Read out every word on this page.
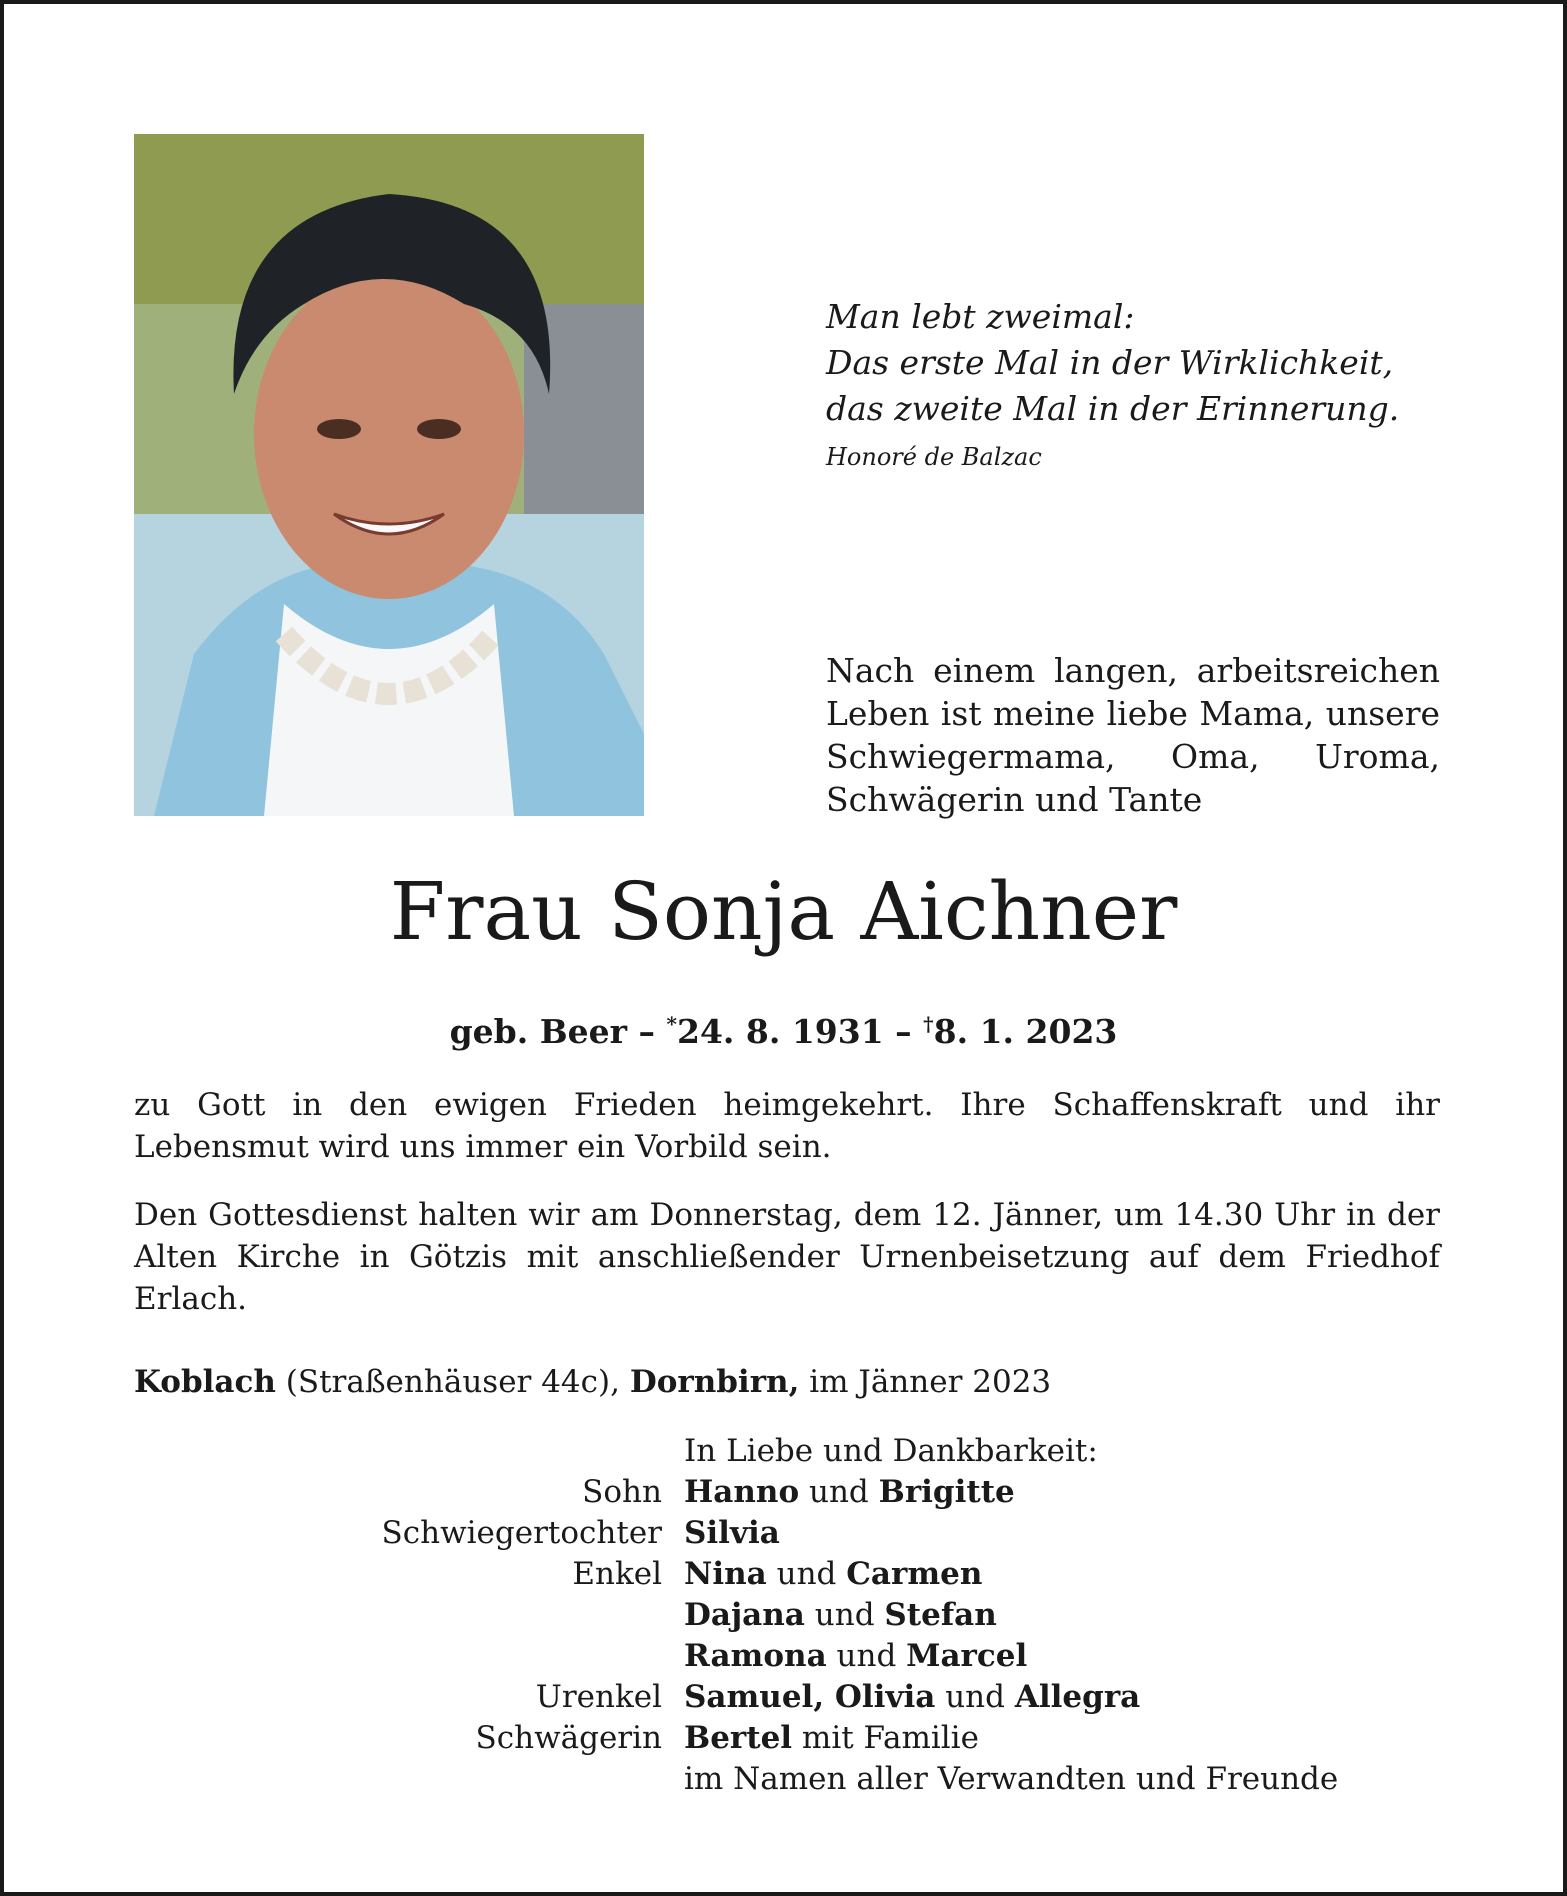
Man lebt zweimal:
Das erste Mal in der Wirklichkeit,
das zweite Mal in der Erinnerung.
Honoré de Balzac
Nach einem langen, arbeitsreichen Leben ist meine liebe Mama, unsere Schwiegermama, Oma, Uroma, Schwägerin und Tante
Frau Sonja Aichner
geb. Beer – *24. 8. 1931 – †8. 1. 2023
zu Gott in den ewigen Frieden heimgekehrt. Ihre Schaffenskraft und ihr Lebensmut wird uns immer ein Vorbild sein.
Den Gottesdienst halten wir am Donnerstag, dem 12. Jänner, um 14.30 Uhr in der Alten Kirche in Götzis mit anschließender Urnenbeisetzung auf dem Friedhof Erlach.
Koblach (Straßenhäuser 44c), Dornbirn, im Jänner 2023
In Liebe und Dankbarkeit:
Sohn Hanno und Brigitte
Schwiegertochter Silvia
Enkel Nina und Carmen
Dajana und Stefan
Ramona und Marcel
Urenkel Samuel, Olivia und Allegra
Schwägerin Bertel mit Familie
im Namen aller Verwandten und Freunde
